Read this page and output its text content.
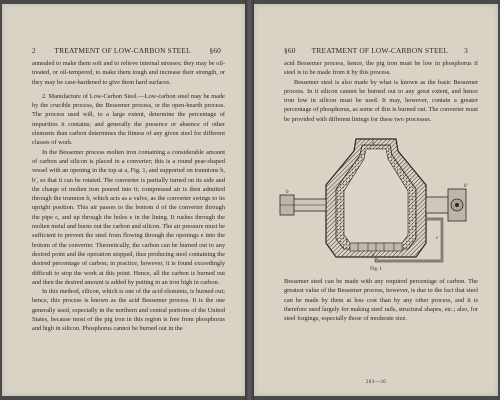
2 TREATMENT OF LOW-CARBON STEEL §60

annealed to make them soft and to relieve internal stresses; they may be oil-treated, or oil-tempered, to make them tough and increase their strength, or they may be case-hardened to give them hard surfaces.

2. Manufacture of Low-Carbon Steel.—Low-carbon steel may be made by the crucible process, the Bessemer process, or the open-hearth process. The process used will, to a large extent, determine the percentage of impurities it contains; and generally the presence or absence of other elements than carbon determines the fitness of any given steel for different classes of work.

In the Bessemer process molten iron containing a considerable amount of carbon and silicon is placed in a converter; this is a round pear-shaped vessel with an opening in the top at a, Fig. 1, and supported on trunnions b, b′, so that it can be rotated. The converter is partially turned on its side and the charge of molten iron poured into it; compressed air is then admitted through the trunnion b, which acts as a valve, as the converter swings to its upright position. This air passes to the bottom d of the converter through the pipe c, and up through the holes e in the lining. It rushes through the molten metal and burns out the carbon and silicon. The air pressure must be sufficient to prevent the steel from flowing through the openings e into the bottom of the converter. Theoretically, the carbon can be burned out to any desired point and the operation stopped, thus producing steel containing the desired percentage of carbon; in practice, however, it is found exceedingly difficult to stop the work at this point. Hence, all the carbon is burned out and then the desired amount is added by putting in an iron high in carbon.

In this method, silicon, which is one of the acid elements, is burned out; hence, this process is known as the acid Bessemer process. It is the one generally used, especially in the northern and central portions of the United States, because most of the pig iron in this region is free from phosphorus and high in silicon. Phosphorus cannot be burned out in the

§60 TREATMENT OF LOW-CARBON STEEL 3

acid Bessemer process, hence, the pig iron must be low in phosphorus if steel is to be made from it by this process.

Bessemer steel is also made by what is known as the basic Bessemer process. In it silicon cannot be burned out to any great extent, and hence iron low in silicon must be used. It may, however, contain a greater percentage of phosphorus, as some of this is burned out. The converter must be provided with different linings for these two processes.

a
b
b′
c
d
e
Fig. 1

Bessemer steel can be made with any required percentage of carbon. The greatest value of the Bessemer process, however, is due to the fact that steel can be made by them at less cost than by any other process, and it is therefore used largely for making steel rails, structural shapes, etc.; also, for steel forgings, especially those of moderate size.

203—36
